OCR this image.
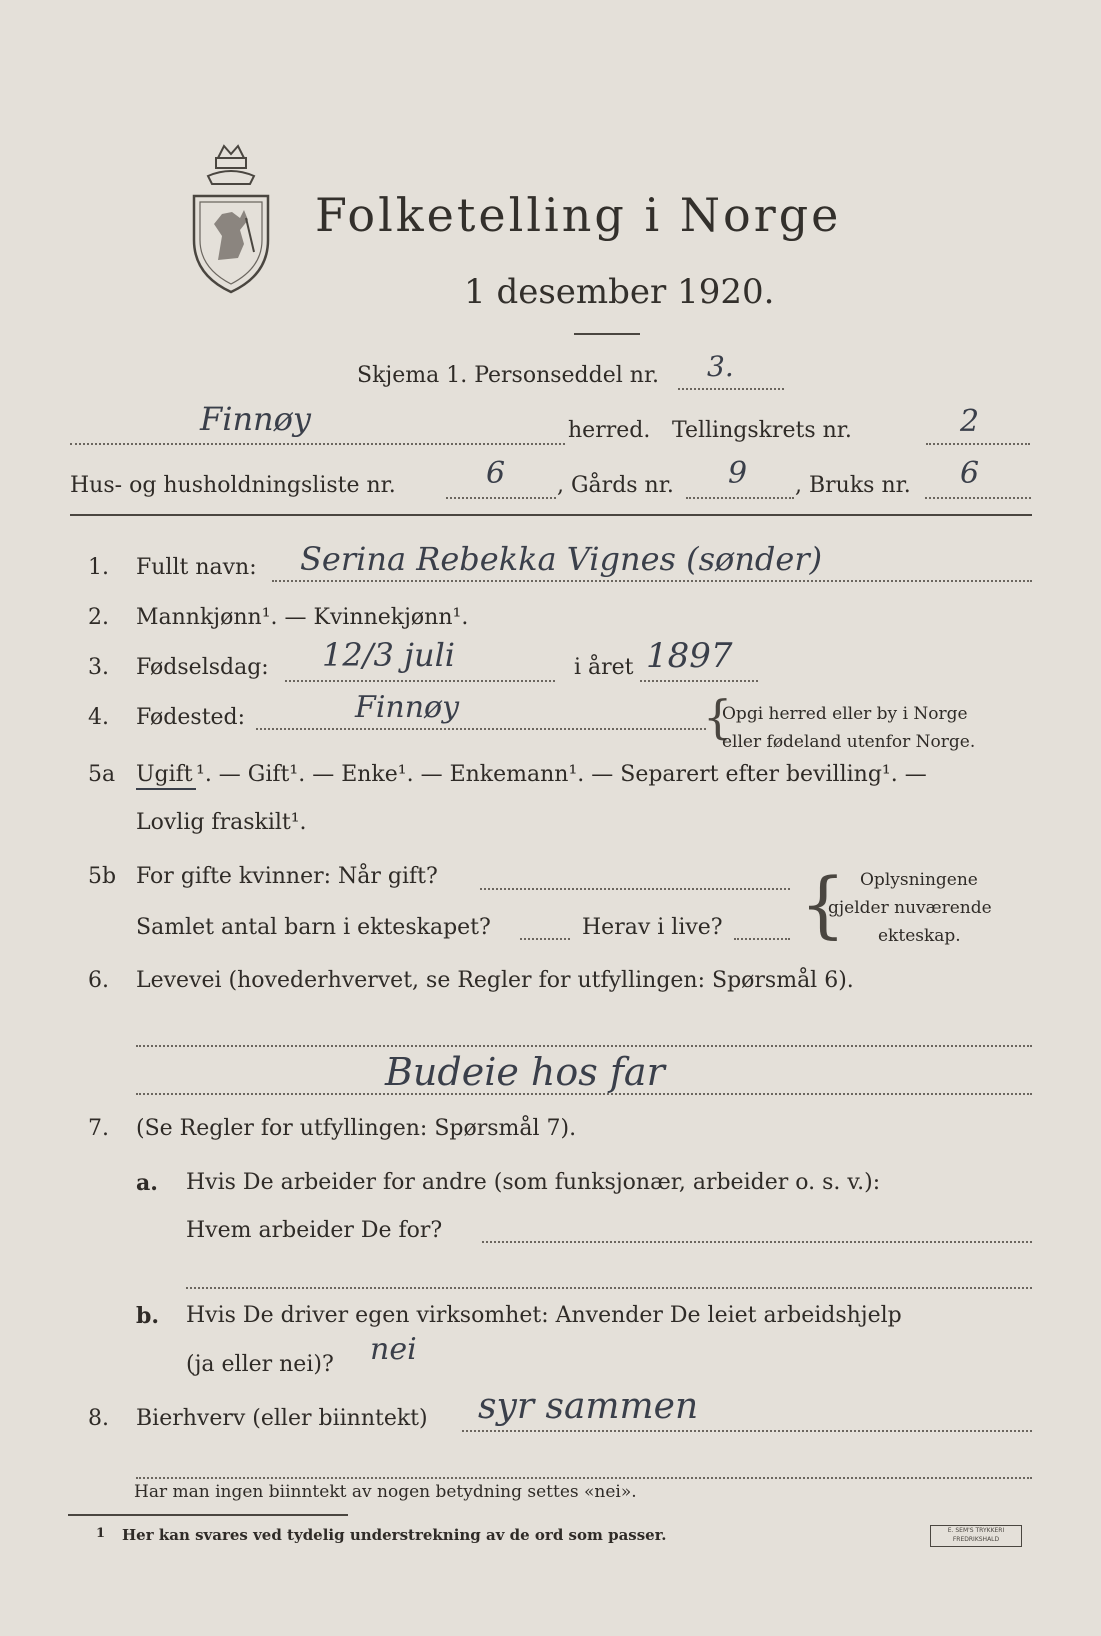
Folketelling i Norge
1 desember 1920.
Skjema 1. Personseddel nr. 3.
Finnøy	herred. Tellingskrets nr.	2
Hus- og husholdningsliste nr.	6 , Gårds nr. 9 , Bruks nr. 6
1. Fullt navn: Serina Rebekka Vignes (sønder)
2. Mannkjønn¹. — Kvinnekjønn¹.
3. Fødselsdag: 12/3 juli	i året 1897
4. Fødested:	Finnøy	{
Opgi herred eller by i Norge
eller fødeland utenfor Norge.
5a Ugift ¹. — Gift¹. — Enke¹. — Enkemann¹. — Separert efter bevilling¹. —
Lovlig fraskilt¹.
5b For gifte kvinner: Når gift?
Samlet antal barn i ekteskapet?	Herav i live? { Oplysningene
gjelder nuværende
ekteskap.
6. Levevei (hovederhvervet, se Regler for utfyllingen: Spørsmål 6).
Budeie hos far
7. (Se Regler for utfyllingen: Spørsmål 7).
a. Hvis De arbeider for andre (som funksjonær, arbeider o. s. v.):
Hvem arbeider De for?
b. Hvis De driver egen virksomhet: Anvender De leiet arbeidshjelp
(ja eller nei)? nei
8. Bierhverv (eller biinntekt) syr sammen
Har man ingen biinntekt av nogen betydning settes «nei».
1 Her kan svares ved tydelig understrekning av de ord som passer.	E. SEM'S TRYKKERI
FREDRIKSHALD
